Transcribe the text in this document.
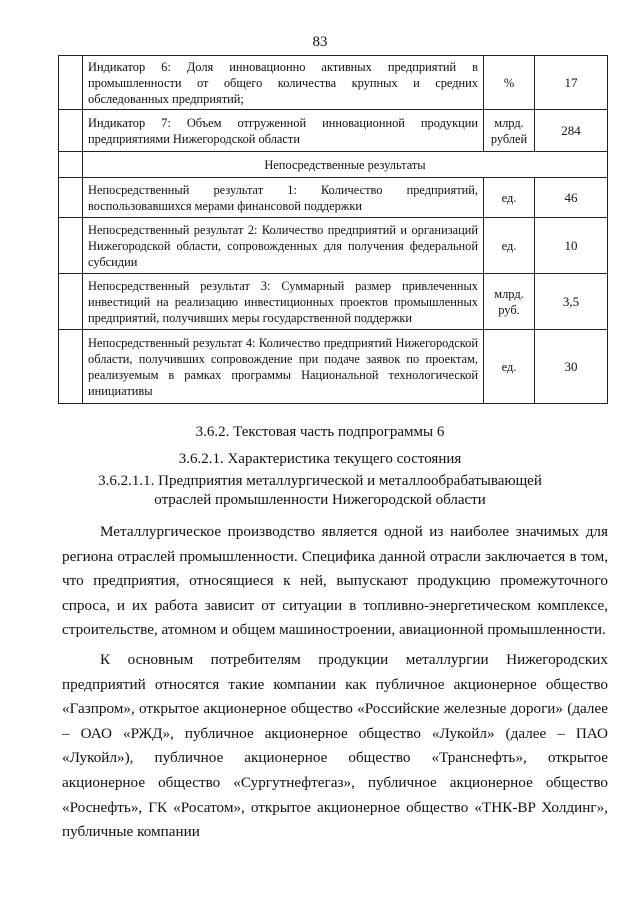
83
	Индикатор 6: Доля инновационно активных предприятий в промышленности от общего количества крупных и средних обследованных предприятий;	%	17
	Индикатор 7: Объем отгруженной инновационной продукции предприятиями Нижегородской области	млрд. рублей	284
	Непосредственные результаты		
	Непосредственный результат 1: Количество предприятий, воспользовавшихся мерами финансовой поддержки	ед.	46
	Непосредственный результат 2: Количество предприятий и организаций Нижегородской области, сопровожденных для получения федеральной субсидии	ед.	10
	Непосредственный результат 3: Суммарный размер привлеченных инвестиций на реализацию инвестиционных проектов промышленных предприятий, получивших меры государственной поддержки	млрд. руб.	3,5
	Непосредственный результат 4: Количество предприятий Нижегородской области, получивших сопровождение при подаче заявок по проектам, реализуемым в рамках программы Национальной технологической инициативы	ед.	30
3.6.2. Текстовая часть подпрограммы 6
3.6.2.1. Характеристика текущего состояния
3.6.2.1.1. Предприятия металлургической и металлообрабатывающей
отраслей промышленности Нижегородской области

Металлургическое производство является одной из наиболее значимых для региона отраслей промышленности. Специфика данной отрасли заключается в том, что предприятия, относящиеся к ней, выпускают продукцию промежуточного спроса, и их работа зависит от ситуации в топливно-энергетическом комплексе, строительстве, атомном и общем машиностроении, авиационной промышленности.

К основным потребителям продукции металлургии Нижегородских предприятий относятся такие компании как публичное акционерное общество «Газпром», открытое акционерное общество «Российские железные дороги» (далее – ОАО «РЖД», публичное акционерное общество «Лукойл» (далее – ПАО «Лукойл»), публичное акционерное общество «Транснефть», открытое акционерное общество «Сургутнефтегаз», публичное акционерное общество «Роснефть», ГК «Росатом», открытое акционерное общество «ТНК-BP Холдинг», публичные компании
